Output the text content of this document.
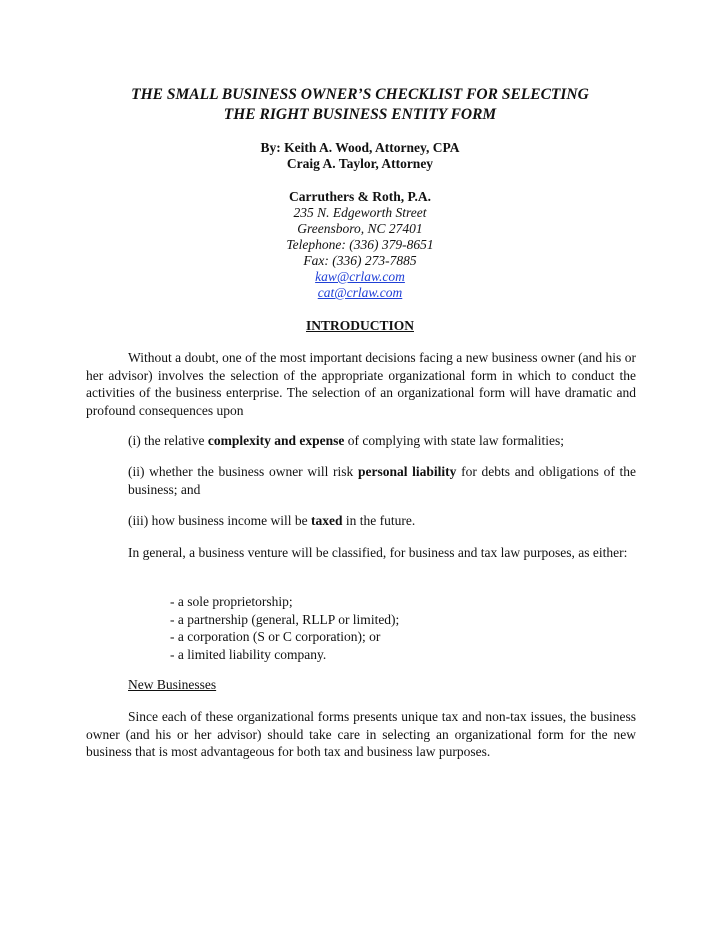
THE SMALL BUSINESS OWNER’S CHECKLIST FOR SELECTING
THE RIGHT BUSINESS ENTITY FORM
By: Keith A. Wood, Attorney, CPA
Craig A. Taylor, Attorney
Carruthers & Roth, P.A.
235 N. Edgeworth Street
Greensboro, NC 27401
Telephone: (336) 379-8651
Fax: (336) 273-7885
kaw@crlaw.com
cat@crlaw.com
INTRODUCTION

Without a doubt, one of the most important decisions facing a new business owner (and his or her advisor) involves the selection of the appropriate organizational form in which to conduct the activities of the business enterprise. The selection of an organizational form will have dramatic and profound consequences upon

(i) the relative complexity and expense of complying with state law formalities;

(ii) whether the business owner will risk personal liability for debts and obligations of the business; and

(iii) how business income will be taxed in the future.

In general, a business venture will be classified, for business and tax law purposes, as either:

- a sole proprietorship;
- a partnership (general, RLLP or limited);
- a corporation (S or C corporation); or
- a limited liability company.
New Businesses

Since each of these organizational forms presents unique tax and non-tax issues, the business owner (and his or her advisor) should take care in selecting an organizational form for the new business that is most advantageous for both tax and business law purposes.
